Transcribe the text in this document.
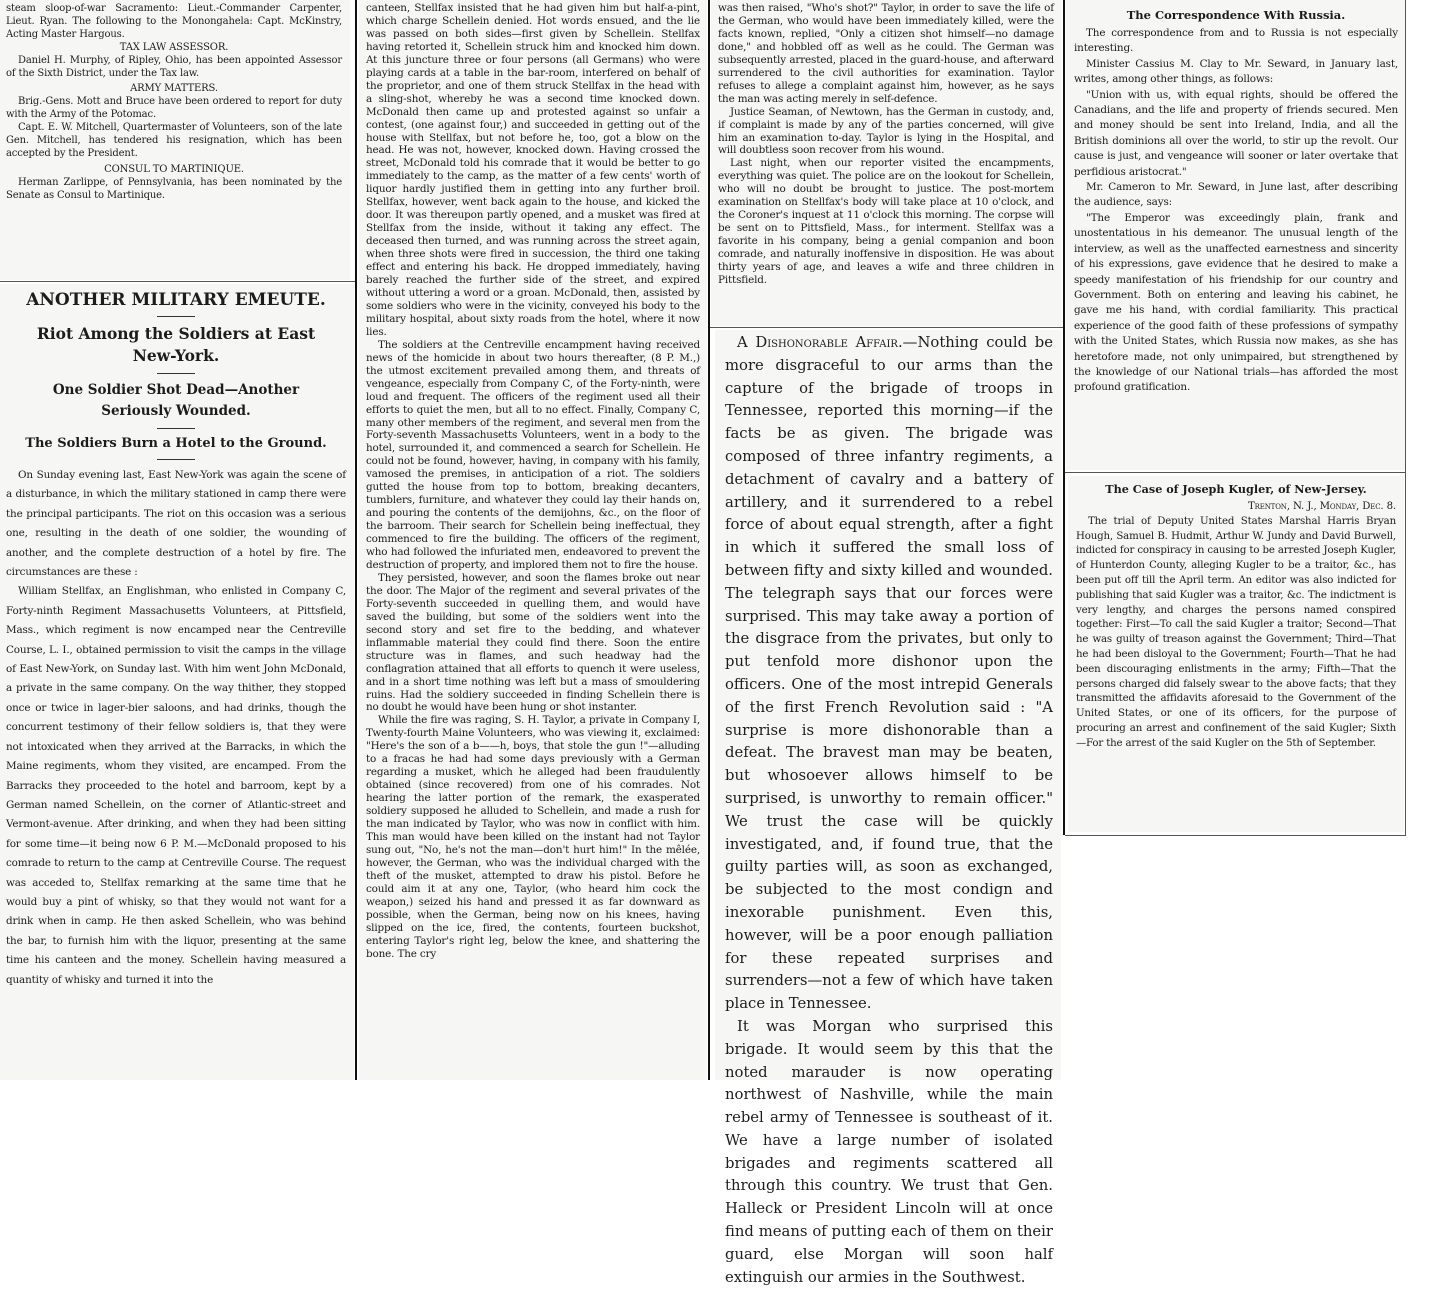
steam sloop-of-war Sacramento: Lieut.-Commander Carpenter, Lieut. Ryan. The following to the Monongahela: Capt. McKinstry, Acting Master Hargous.

TAX LAW ASSESSOR.

Daniel H. Murphy, of Ripley, Ohio, has been appointed Assessor of the Sixth District, under the Tax law.

ARMY MATTERS.

Brig.-Gens. Mott and Bruce have been ordered to report for duty with the Army of the Potomac.

Capt. E. W. Mitchell, Quartermaster of Volunteers, son of the late Gen. Mitchell, has tendered his resignation, which has been accepted by the President.

CONSUL TO MARTINIQUE.

Herman Zarlippe, of Pennsylvania, has been nominated by the Senate as Consul to Martinique.

ANOTHER MILITARY EMEUTE.
Riot Among the Soldiers at East New-York.
One Soldier Shot Dead—Another Seriously Wounded.
The Soldiers Burn a Hotel to the Ground.

On Sunday evening last, East New-York was again the scene of a disturbance, in which the military stationed in camp there were the principal participants. The riot on this occasion was a serious one, resulting in the death of one soldier, the wounding of another, and the complete destruction of a hotel by fire. The circumstances are these :

William Stellfax, an Englishman, who enlisted in Company C, Forty-ninth Regiment Massachusetts Volunteers, at Pittsfield, Mass., which regiment is now encamped near the Centreville Course, L. I., obtained permission to visit the camps in the village of East New-York, on Sunday last. With him went John McDonald, a private in the same company. On the way thither, they stopped once or twice in lager-bier saloons, and had drinks, though the concurrent testimony of their fellow soldiers is, that they were not intoxicated when they arrived at the Barracks, in which the Maine regiments, whom they visited, are encamped. From the Barracks they proceeded to the hotel and barroom, kept by a German named Schellein, on the corner of Atlantic-street and Vermont-avenue. After drinking, and when they had been sitting for some time—it being now 6 P. M.—McDonald proposed to his comrade to return to the camp at Centreville Course. The request was acceded to, Stellfax remarking at the same time that he would buy a pint of whisky, so that they would not want for a drink when in camp. He then asked Schellein, who was behind the bar, to furnish him with the liquor, presenting at the same time his canteen and the money. Schellein having measured a quantity of whisky and turned it into the

canteen, Stellfax insisted that he had given him but half-a-pint, which charge Schellein denied. Hot words ensued, and the lie was passed on both sides—first given by Schellein. Stellfax having retorted it, Schellein struck him and knocked him down. At this juncture three or four persons (all Germans) who were playing cards at a table in the bar-room, interfered on behalf of the proprietor, and one of them struck Stellfax in the head with a sling-shot, whereby he was a second time knocked down. McDonald then came up and protested against so unfair a contest, (one against four,) and succeeded in getting out of the house with Stellfax, but not before he, too, got a blow on the head. He was not, however, knocked down. Having crossed the street, McDonald told his comrade that it would be better to go immediately to the camp, as the matter of a few cents' worth of liquor hardly justified them in getting into any further broil. Stellfax, however, went back again to the house, and kicked the door. It was thereupon partly opened, and a musket was fired at Stellfax from the inside, without it taking any effect. The deceased then turned, and was running across the street again, when three shots were fired in succession, the third one taking effect and entering his back. He dropped immediately, having barely reached the further side of the street, and expired without uttering a word or a groan. McDonald, then, assisted by some soldiers who were in the vicinity, conveyed his body to the military hospital, about sixty roads from the hotel, where it now lies.

The soldiers at the Centreville encampment having received news of the homicide in about two hours thereafter, (8 P. M.,) the utmost excitement prevailed among them, and threats of vengeance, especially from Company C, of the Forty-ninth, were loud and frequent. The officers of the regiment used all their efforts to quiet the men, but all to no effect. Finally, Company C, many other members of the regiment, and several men from the Forty-seventh Massachusetts Volunteers, went in a body to the hotel, surrounded it, and commenced a search for Schellein. He could not be found, however, having, in company with his family, vamosed the premises, in anticipation of a riot. The soldiers gutted the house from top to bottom, breaking decanters, tumblers, furniture, and whatever they could lay their hands on, and pouring the contents of the demijohns, &c., on the floor of the barroom. Their search for Schellein being ineffectual, they commenced to fire the building. The officers of the regiment, who had followed the infuriated men, endeavored to prevent the destruction of property, and implored them not to fire the house.

They persisted, however, and soon the flames broke out near the door. The Major of the regiment and several privates of the Forty-seventh succeeded in quelling them, and would have saved the building, but some of the soldiers went into the second story and set fire to the bedding, and whatever inflammable material they could find there. Soon the entire structure was in flames, and such headway had the conflagration attained that all efforts to quench it were useless, and in a short time nothing was left but a mass of smouldering ruins. Had the soldiery succeeded in finding Schellein there is no doubt he would have been hung or shot instanter.

While the fire was raging, S. H. Taylor, a private in Company I, Twenty-fourth Maine Volunteers, who was viewing it, exclaimed: "Here's the son of a b——h, boys, that stole the gun !"—alluding to a fracas he had had some days previously with a German regarding a musket, which he alleged had been fraudulently obtained (since recovered) from one of his comrades. Not hearing the latter portion of the remark, the exasperated soldiery supposed he alluded to Schellein, and made a rush for the man indicated by Taylor, who was now in conflict with him. This man would have been killed on the instant had not Taylor sung out, "No, he's not the man—don't hurt him!" In the mêlée, however, the German, who was the individual charged with the theft of the musket, attempted to draw his pistol. Before he could aim it at any one, Taylor, (who heard him cock the weapon,) seized his hand and pressed it as far downward as possible, when the German, being now on his knees, having slipped on the ice, fired, the contents, fourteen buckshot, entering Taylor's right leg, below the knee, and shattering the bone. The cry

was then raised, "Who's shot?" Taylor, in order to save the life of the German, who would have been immediately killed, were the facts known, replied, "Only a citizen shot himself—no damage done," and hobbled off as well as he could. The German was subsequently arrested, placed in the guard-house, and afterward surrendered to the civil authorities for examination. Taylor refuses to allege a complaint against him, however, as he says the man was acting merely in self-defence.

Justice Seaman, of Newtown, has the German in custody, and, if complaint is made by any of the parties concerned, will give him an examination to-day. Taylor is lying in the Hospital, and will doubtless soon recover from his wound.

Last night, when our reporter visited the encampments, everything was quiet. The police are on the lookout for Schellein, who will no doubt be brought to justice. The post-mortem examination on Stellfax's body will take place at 10 o'clock, and the Coroner's inquest at 11 o'clock this morning. The corpse will be sent on to Pittsfield, Mass., for interment. Stellfax was a favorite in his company, being a genial companion and boon comrade, and naturally inoffensive in disposition. He was about thirty years of age, and leaves a wife and three children in Pittsfield.

A Dishonorable Affair.—Nothing could be more disgraceful to our arms than the capture of the brigade of troops in Tennessee, reported this morning—if the facts be as given. The brigade was composed of three infantry regiments, a detachment of cavalry and a battery of artillery, and it surrendered to a rebel force of about equal strength, after a fight in which it suffered the small loss of between fifty and sixty killed and wounded. The telegraph says that our forces were surprised. This may take away a portion of the disgrace from the privates, but only to put tenfold more dishonor upon the officers. One of the most intrepid Generals of the first French Revolution said : "A surprise is more dishonorable than a defeat. The bravest man may be beaten, but whosoever allows himself to be surprised, is unworthy to remain officer." We trust the case will be quickly investigated, and, if found true, that the guilty parties will, as soon as exchanged, be subjected to the most condign and inexorable punishment. Even this, however, will be a poor enough palliation for these repeated surprises and surrenders—not a few of which have taken place in Tennessee.

It was Morgan who surprised this brigade. It would seem by this that the noted marauder is now operating northwest of Nashville, while the main rebel army of Tennessee is southeast of it. We have a large number of isolated brigades and regiments scattered all through this country. We trust that Gen. Halleck or President Lincoln will at once find means of putting each of them on their guard, else Morgan will soon half extinguish our armies in the Southwest.

The Correspondence With Russia.

The correspondence from and to Russia is not especially interesting.

Minister Cassius M. Clay to Mr. Seward, in January last, writes, among other things, as follows:

"Union with us, with equal rights, should be offered the Canadians, and the life and property of friends secured. Men and money should be sent into Ireland, India, and all the British dominions all over the world, to stir up the revolt. Our cause is just, and vengeance will sooner or later overtake that perfidious aristocrat."

Mr. Cameron to Mr. Seward, in June last, after describing the audience, says:

"The Emperor was exceedingly plain, frank and unostentatious in his demeanor. The unusual length of the interview, as well as the unaffected earnestness and sincerity of his expressions, gave evidence that he desired to make a speedy manifestation of his friendship for our country and Government. Both on entering and leaving his cabinet, he gave me his hand, with cordial familiarity. This practical experience of the good faith of these professions of sympathy with the United States, which Russia now makes, as she has heretofore made, not only unimpaired, but strengthened by the knowledge of our National trials—has afforded the most profound gratification.

The Case of Joseph Kugler, of New-Jersey.

Trenton, N. J., Monday, Dec. 8.

The trial of Deputy United States Marshal Harris Bryan Hough, Samuel B. Hudmit, Arthur W. Jundy and David Burwell, indicted for conspiracy in causing to be arrested Joseph Kugler, of Hunterdon County, alleging Kugler to be a traitor, &c., has been put off till the April term. An editor was also indicted for publishing that said Kugler was a traitor, &c. The indictment is very lengthy, and charges the persons named conspired together: First—To call the said Kugler a traitor; Second—That he was guilty of treason against the Government; Third—That he had been disloyal to the Government; Fourth—That he had been discouraging enlistments in the army; Fifth—That the persons charged did falsely swear to the above facts; that they transmitted the affidavits aforesaid to the Government of the United States, or one of its officers, for the purpose of procuring an arrest and confinement of the said Kugler; Sixth—For the arrest of the said Kugler on the 5th of September.
